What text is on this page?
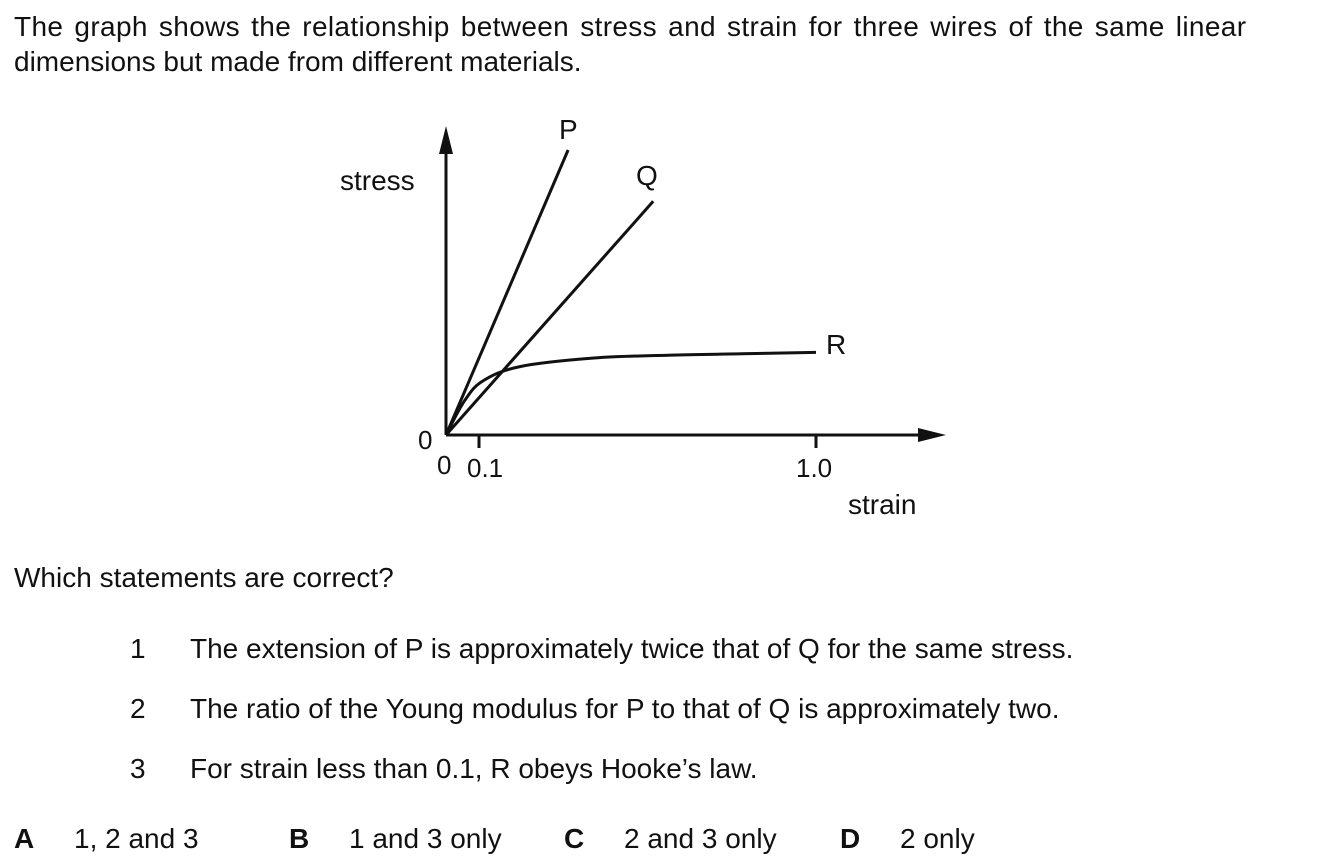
The graph shows the relationship between stress and strain for three wires of the same linear
dimensions but made from different materials.
stress
strain
0
0 0.1	1.0
P
Q
R
Which statements are correct?
1 The extension of P is approximately twice that of Q for the same stress.
2 The ratio of the Young modulus for P to that of Q is approximately two.
3 For strain less than 0.1, R obeys Hooke’s law.
A 1, 2 and 3	B 1 and 3 only C 2 and 3 only D 2 only
